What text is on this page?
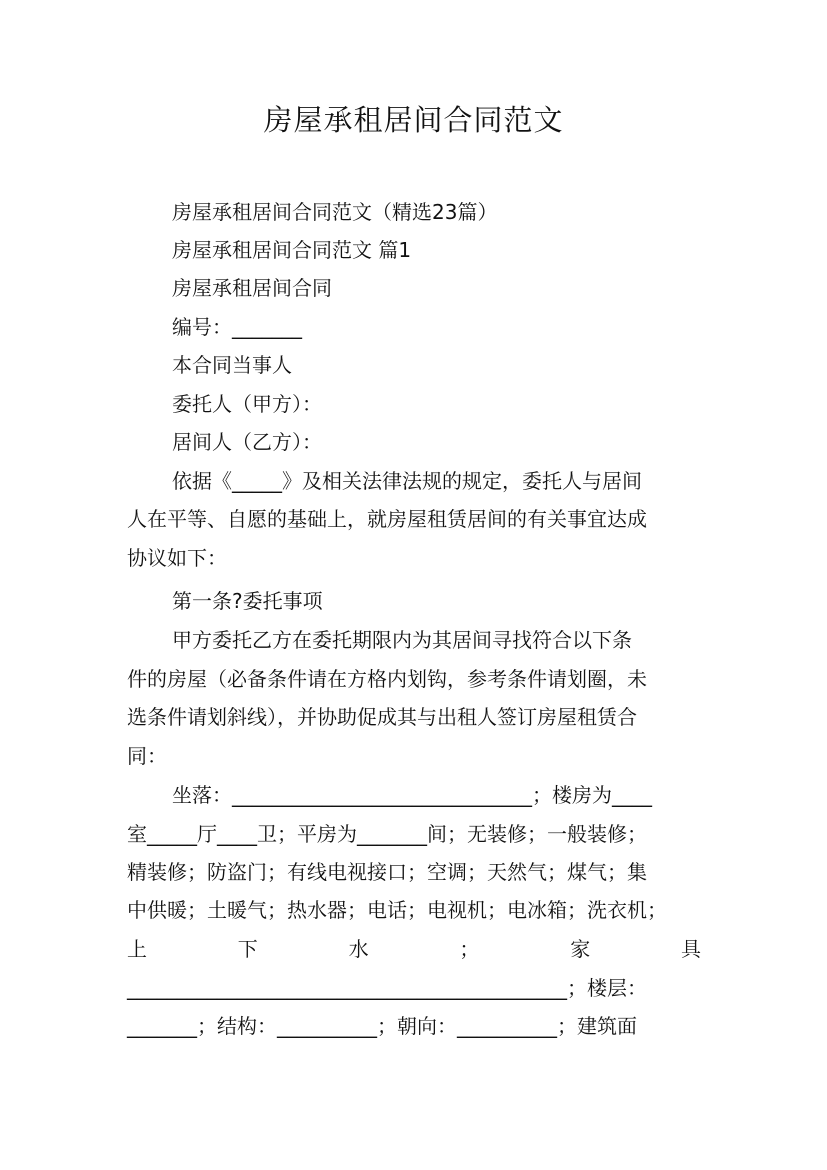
房屋承租居间合同范文
房屋承租居间合同范文（精选23篇）
房屋承租居间合同范文 篇1
房屋承租居间合同
编号：_______
本合同当事人
委托人（甲方）：
居间人（乙方）：
依据《_____》及相关法律法规的规定，委托人与居间
人在平等、自愿的基础上，就房屋租赁居间的有关事宜达成
协议如下：
第一条?委托事项
甲方委托乙方在委托期限内为其居间寻找符合以下条
件的房屋（必备条件请在方格内划钩，参考条件请划圈，未
选条件请划斜线），并协助促成其与出租人签订房屋租赁合
同：
坐落：______________________________；楼房为____
室_____厅____卫；平房为_______间；无装修；一般装修；
精装修；防盗门；有线电视接口；空调；天然气；煤气；集
中供暖；土暖气；热水器；电话；电视机；电冰箱；洗衣机；
上	下	水	；	家	具
____________________________________________；楼层：
_______；结构：__________；朝向：__________；建筑面
